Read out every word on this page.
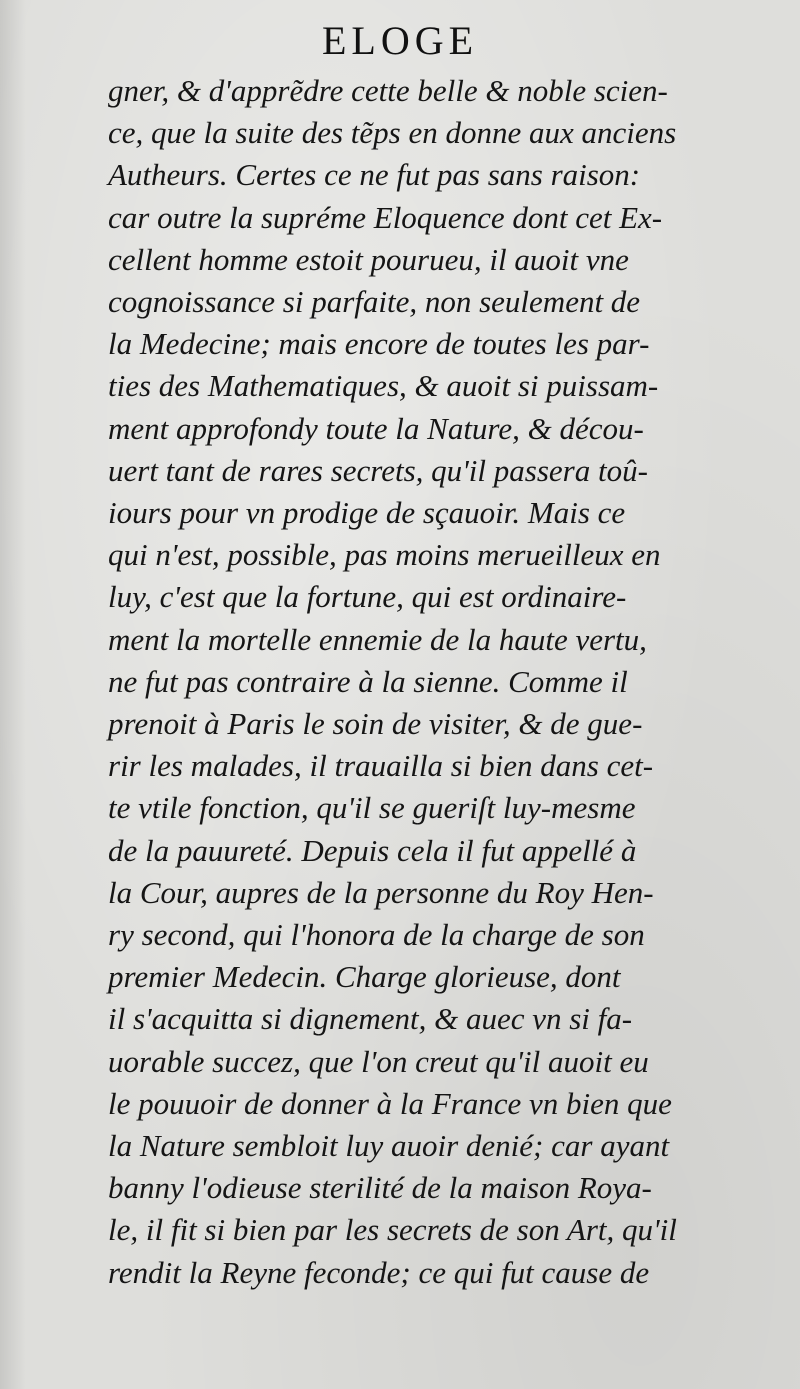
ELOGE
gner, & d'apprẽdre cette belle & noble scien-
ce, que la suite des tẽps en donne aux anciens
Autheurs. Certes ce ne fut pas sans raison:
car outre la supréme Eloquence dont cet Ex-
cellent homme estoit pourueu, il auoit vne
cognoissance si parfaite, non seulement de
la Medecine; mais encore de toutes les par-
ties des Mathematiques, & auoit si puissam-
ment approfondy toute la Nature, & décou-
uert tant de rares secrets, qu'il passera toû-
iours pour vn prodige de sçauoir. Mais ce
qui n'est, possible, pas moins merueilleux en
luy, c'est que la fortune, qui est ordinaire-
ment la mortelle ennemie de la haute vertu,
ne fut pas contraire à la sienne. Comme il
prenoit à Paris le soin de visiter, & de gue-
rir les malades, il trauailla si bien dans cet-
te vtile fonction, qu'il se gueriſt luy-mesme
de la pauureté. Depuis cela il fut appellé à
la Cour, aupres de la personne du Roy Hen-
ry second, qui l'honora de la charge de son
premier Medecin. Charge glorieuse, dont
il s'acquitta si dignement, & auec vn si fa-
uorable succez, que l'on creut qu'il auoit eu
le pouuoir de donner à la France vn bien que
la Nature sembloit luy auoir denié; car ayant
banny l'odieuse sterilité de la maison Roya-
le, il fit si bien par les secrets de son Art, qu'il
rendit la Reyne feconde; ce qui fut cause de
